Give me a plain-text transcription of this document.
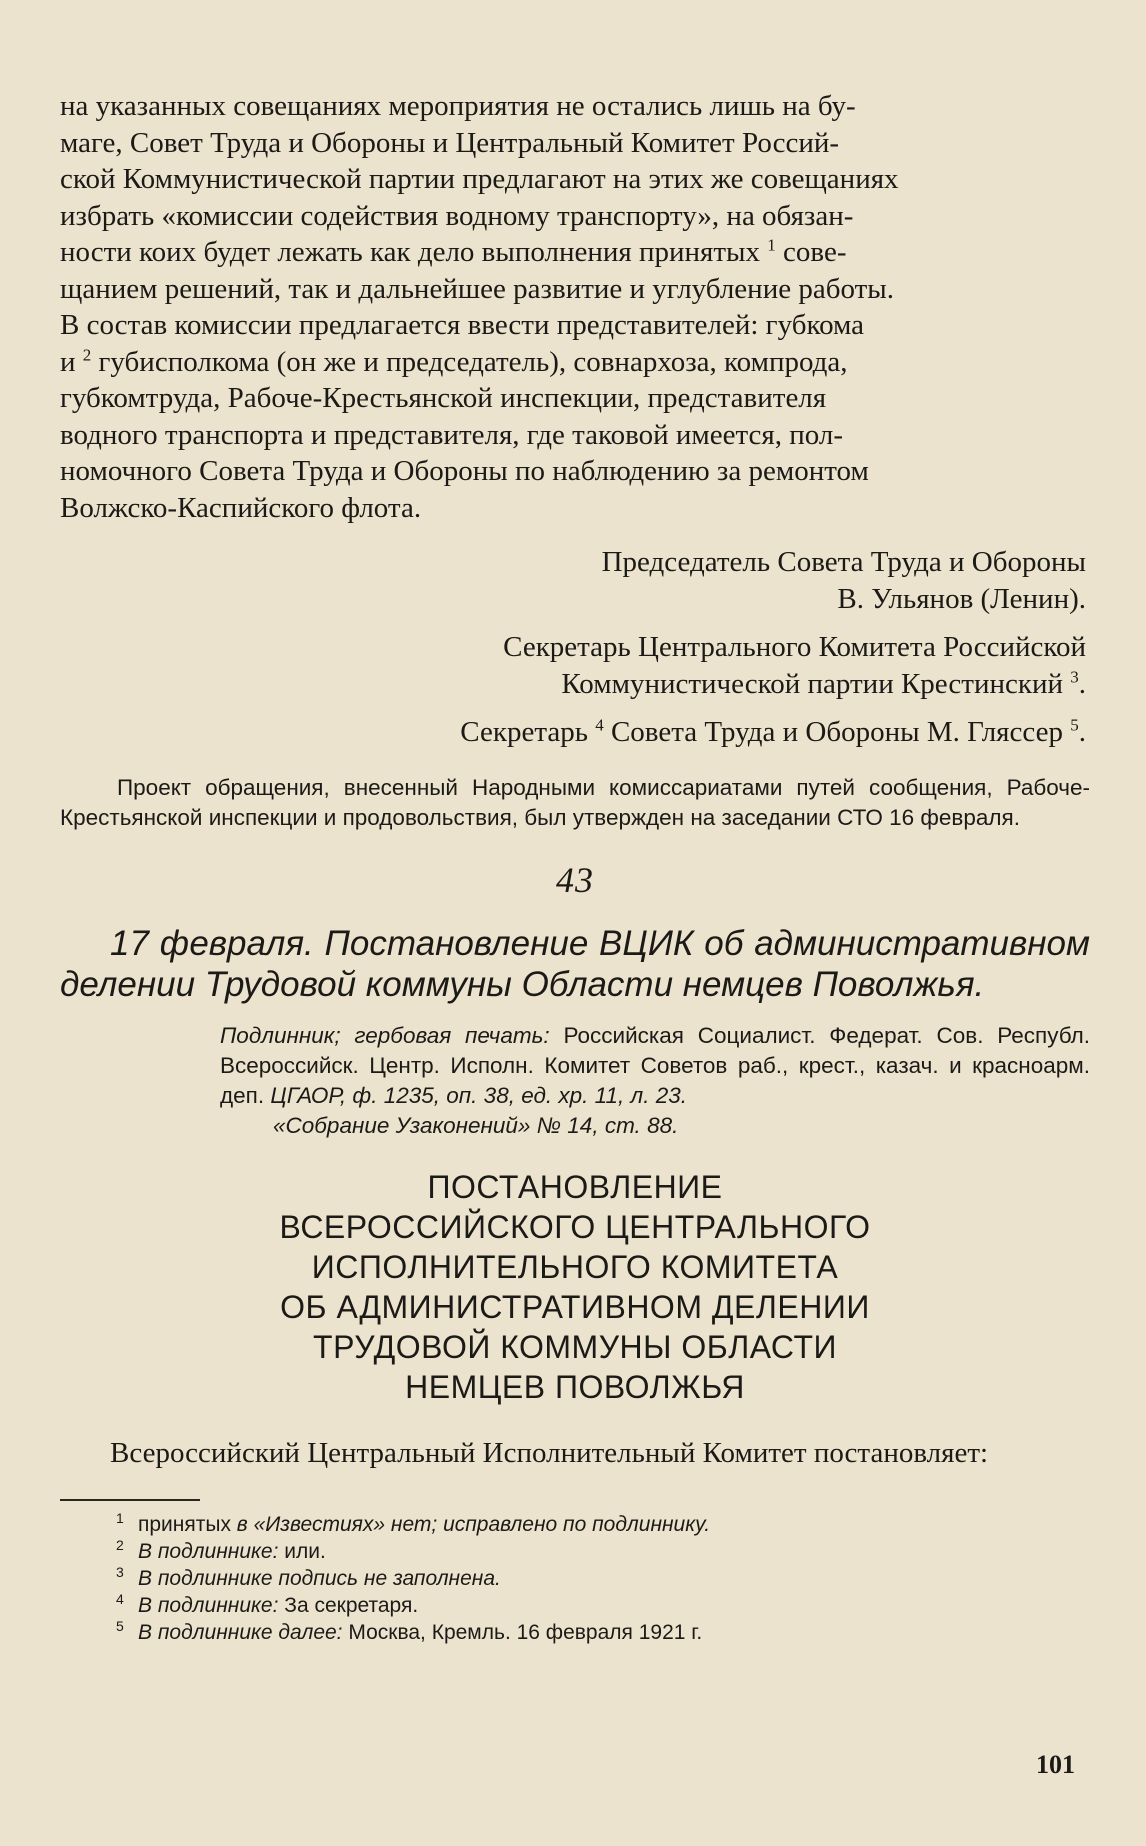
на указанных совещаниях мероприятия не остались лишь на бу-
маге, Совет Труда и Обороны и Центральный Комитет Россий-
ской Коммунистической партии предлагают на этих же совещаниях
избрать «комиссии содействия водному транспорту», на обязан-
ности коих будет лежать как дело выполнения принятых $^1$ сове-
щанием решений, так и дальнейшее развитие и углубление работы.
В состав комиссии предлагается ввести представителей: губкома
и $^2$ губисполкома (он же и председатель), совнархоза, компрода,
губкомтруда, Рабоче-Крестьянской инспекции, представителя
водного транспорта и представителя, где таковой имеется, пол-
номочного Совета Труда и Обороны по наблюдению за ремонтом
Волжско-Каспийского флота.
Председатель Совета Труда и Обороны
В. Ульянов (Ленин).
Секретарь Центрального Комитета Российской
Коммунистической партии Крестинский $^3$.
Секретарь $^4$ Совета Труда и Обороны М. Гляссер $^5$.
Проект обращения, внесенный Народными комиссариатами путей сообщения, Рабоче-Крестьянской инспекции и продовольствия, был утвержден на заседании СТО 16 февраля.
43
17 февраля. Постановление ВЦИК об административном делении Трудовой коммуны Области немцев Поволжья.
Подлинник; гербовая печать: Российская Социалист. Федерат. Сов. Республ. Всероссийск. Центр. Исполн. Комитет Советов раб., крест., казач. и красноарм. деп. ЦГАОР, ф. 1235, оп. 38, ед. хр. 11, л. 23.
«Собрание Узаконений» № 14, ст. 88.
ПОСТАНОВЛЕНИЕ
ВСЕРОССИЙСКОГО ЦЕНТРАЛЬНОГО
ИСПОЛНИТЕЛЬНОГО КОМИТЕТА
ОБ АДМИНИСТРАТИВНОМ ДЕЛЕНИИ
ТРУДОВОЙ КОММУНЫ ОБЛАСТИ
НЕМЦЕВ ПОВОЛЖЬЯ
Всероссийский Центральный Исполнительный Комитет постановляет:
1 принятых в «Известиях» нет; исправлено по подлиннику.
2 В подлиннике: или.
3 В подлиннике подпись не заполнена.
4 В подлиннике: За секретаря.
5 В подлиннике далее: Москва, Кремль. 16 февраля 1921 г.
101
